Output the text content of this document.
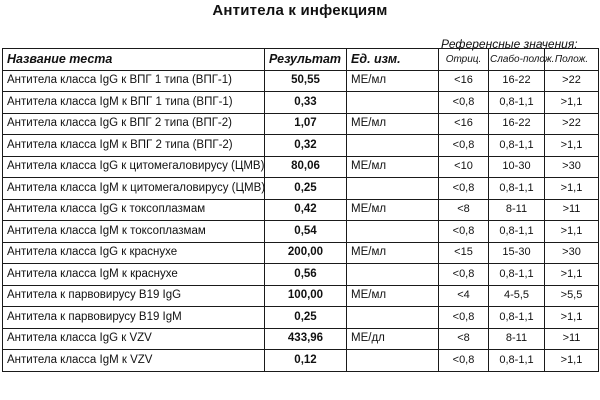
Антитела к инфекциям
Референсные значения:
Название теста	Результат	Ед. изм.	Отриц.	Слабо-полож.	Полож.
Антитела класса IgG к ВПГ 1 типа (ВПГ-1)	50,55	МЕ/мл	<16	16-22	>22
Антитела класса IgM к ВПГ 1 типа (ВПГ-1)	0,33		<0,8	0,8-1,1	>1,1
Антитела класса IgG к ВПГ 2 типа (ВПГ-2)	1,07	МЕ/мл	<16	16-22	>22
Антитела класса IgM к ВПГ 2 типа (ВПГ-2)	0,32		<0,8	0,8-1,1	>1,1
Антитела класса IgG к цитомегаловирусу (ЦМВ)	80,06	МЕ/мл	<10	10-30	>30
Антитела класса IgM к цитомегаловирусу (ЦМВ)	0,25		<0,8	0,8-1,1	>1,1
Антитела класса IgG к токсоплазмам	0,42	МЕ/мл	<8	8-11	>11
Антитела класса IgM к токсоплазмам	0,54		<0,8	0,8-1,1	>1,1
Антитела класса IgG к краснухе	200,00	МЕ/мл	<15	15-30	>30
Антитела класса IgM к краснухе	0,56		<0,8	0,8-1,1	>1,1
Антитела к парвовирусу B19 IgG	100,00	МЕ/мл	<4	4-5,5	>5,5
Антитела к парвовирусу B19 IgM	0,25		<0,8	0,8-1,1	>1,1
Антитела класса IgG к VZV	433,96	МЕ/дл	<8	8-11	>11
Антитела класса IgM к VZV	0,12		<0,8	0,8-1,1	>1,1
